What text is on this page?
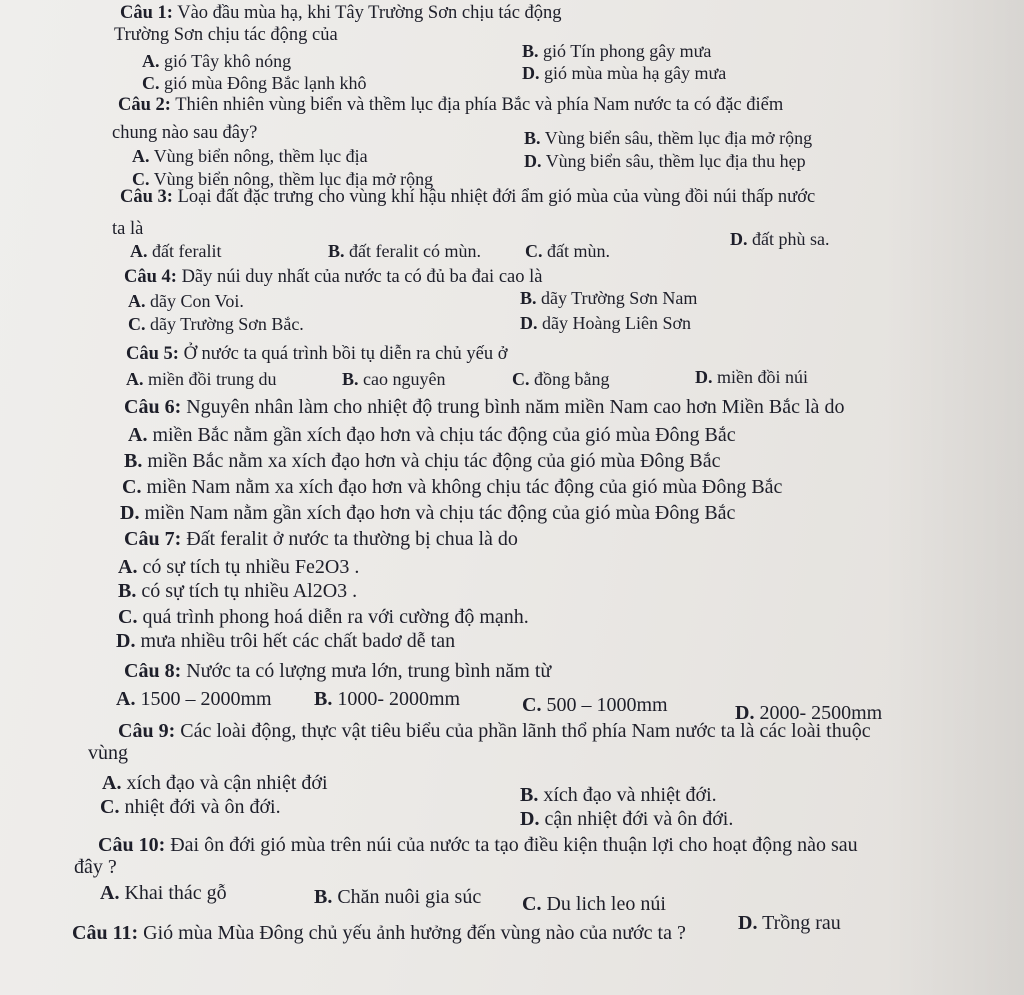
Câu 1: Vào đầu mùa hạ, khi Tây Trường Sơn chịu tác động
Trường Sơn chịu tác động của
A. gió Tây khô nóng	B. gió Tín phong gây mưa
C. gió mùa Đông Bắc lạnh khô	D. gió mùa mùa hạ gây mưa
Câu 2: Thiên nhiên vùng biển và thềm lục địa phía Bắc và phía Nam nước ta có đặc điểm
chung nào sau đây?
A. Vùng biển nông, thềm lục địa
B. Vùng biển sâu, thềm lục địa mở rộng
C. Vùng biển nông, thềm lục địa mở rộng
D. Vùng biển sâu, thềm lục địa thu hẹp
Câu 3: Loại đất đặc trưng cho vùng khí hậu nhiệt đới ẩm gió mùa của vùng đồi núi thấp nước
ta là
A. đất feralit	B. đất feralit có mùn. C. đất mùn.
D. đất phù sa.
Câu 4: Dãy núi duy nhất của nước ta có đủ ba đai cao là
A. dãy Con Voi.	B. dãy Trường Sơn Nam
C. dãy Trường Sơn Bắc.	D. dãy Hoàng Liên Sơn
Câu 5: Ở nước ta quá trình bồi tụ diễn ra chủ yếu ở
A. miền đồi trung du	B. cao nguyên	C. đồng bằng	D. miền đồi núi
Câu 6: Nguyên nhân làm cho nhiệt độ trung bình năm miền Nam cao hơn Miền Bắc là do
A. miền Bắc nằm gần xích đạo hơn và chịu tác động của gió mùa Đông Bắc
B. miền Bắc nằm xa xích đạo hơn và chịu tác động của gió mùa Đông Bắc
C. miền Nam nằm xa xích đạo hơn và không chịu tác động của gió mùa Đông Bắc
D. miền Nam nằm gần xích đạo hơn và chịu tác động của gió mùa Đông Bắc
Câu 7: Đất feralit ở nước ta thường bị chua là do
A. có sự tích tụ nhiều Fe2O3 .
B. có sự tích tụ nhiều Al2O3 .
C. quá trình phong hoá diễn ra với cường độ mạnh.
D. mưa nhiều trôi hết các chất badơ dễ tan
Câu 8: Nước ta có lượng mưa lớn, trung bình năm từ
A. 1500 – 2000mm B. 1000- 2000mm	C. 500 – 1000mm	D. 2000- 2500mm
Câu 9: Các loài động, thực vật tiêu biểu của phần lãnh thổ phía Nam nước ta là các loài thuộc
vùng
A. xích đạo và cận nhiệt đới
B. xích đạo và nhiệt đới.
C. nhiệt đới và ôn đới.
D. cận nhiệt đới và ôn đới.
Câu 10: Đai ôn đới gió mùa trên núi của nước ta tạo điều kiện thuận lợi cho hoạt động nào sau
đây ?
A. Khai thác gỗ	B. Chăn nuôi gia súc C. Du lich leo núi
D. Trồng rau
Câu 11: Gió mùa Mùa Đông chủ yếu ảnh hưởng đến vùng nào của nước ta ?
